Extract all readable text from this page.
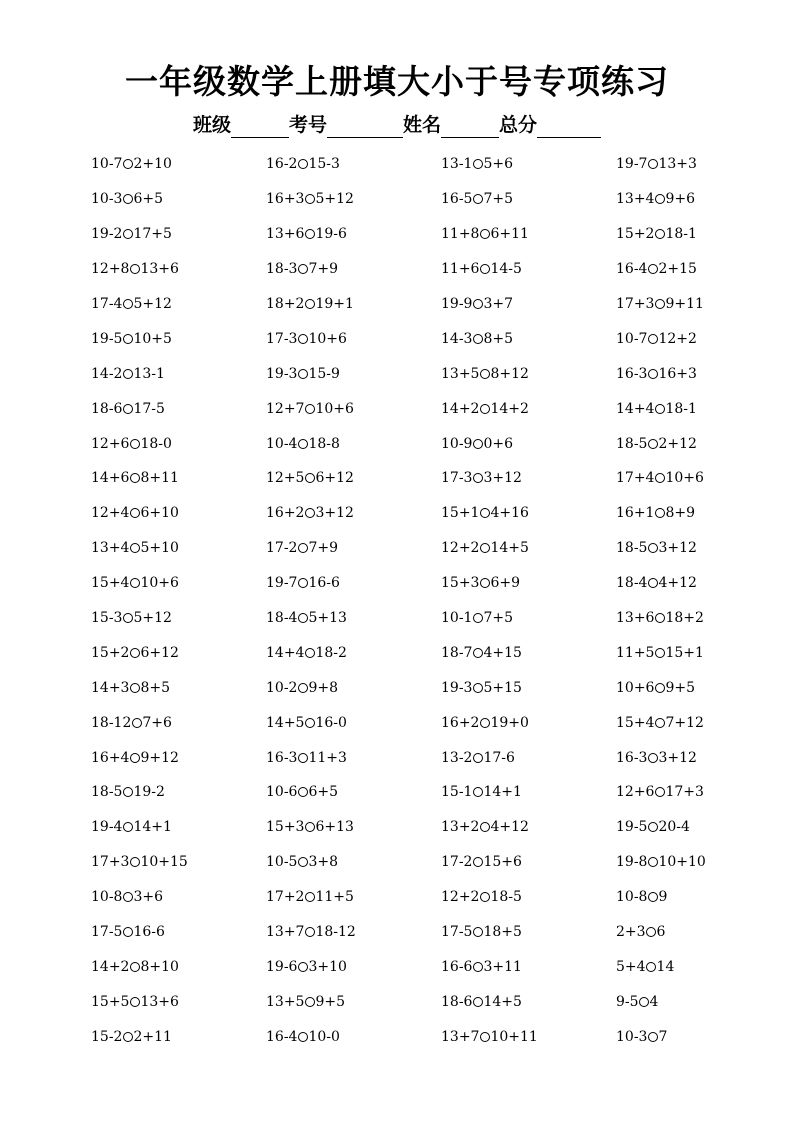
一年级数学上册填大小于号专项练习
班级	考号	姓名	总分
10-7 2+10	16-2 15-3	13-1 5+6	19-7 13+3
10-3 6+5	16+3 5+12	16-5 7+5	13+4 9+6
19-2 17+5	13+6 19-6	11+8 6+11	15+2 18-1
12+8 13+6	18-3 7+9	11+6 14-5	16-4 2+15
17-4 5+12	18+2 19+1	19-9 3+7	17+3 9+11
19-5 10+5	17-3 10+6	14-3 8+5	10-7 12+2
14-2 13-1	19-3 15-9	13+5 8+12	16-3 16+3
18-6 17-5	12+7 10+6	14+2 14+2	14+4 18-1
12+6 18-0	10-4 18-8	10-9 0+6	18-5 2+12
14+6 8+11	12+5 6+12	17-3 3+12	17+4 10+6
12+4 6+10	16+2 3+12	15+1 4+16	16+1 8+9
13+4 5+10	17-2 7+9	12+2 14+5	18-5 3+12
15+4 10+6	19-7 16-6	15+3 6+9	18-4 4+12
15-3 5+12	18-4 5+13	10-1 7+5	13+6 18+2
15+2 6+12	14+4 18-2	18-7 4+15	11+5 15+1
14+3 8+5	10-2 9+8	19-3 5+15	10+6 9+5
18-12 7+6	14+5 16-0	16+2 19+0	15+4 7+12
16+4 9+12	16-3 11+3	13-2 17-6	16-3 3+12
18-5 19-2	10-6 6+5	15-1 14+1	12+6 17+3
19-4 14+1	15+3 6+13	13+2 4+12	19-5 20-4
17+3 10+15	10-5 3+8	17-2 15+6	19-8 10+10
10-8 3+6	17+2 11+5	12+2 18-5	10-8 9
17-5 16-6	13+7 18-12	17-5 18+5	2+3 6
14+2 8+10	19-6 3+10	16-6 3+11	5+4 14
15+5 13+6	13+5 9+5	18-6 14+5	9-5 4
15-2 2+11	16-4 10-0	13+7 10+11	10-3 7
